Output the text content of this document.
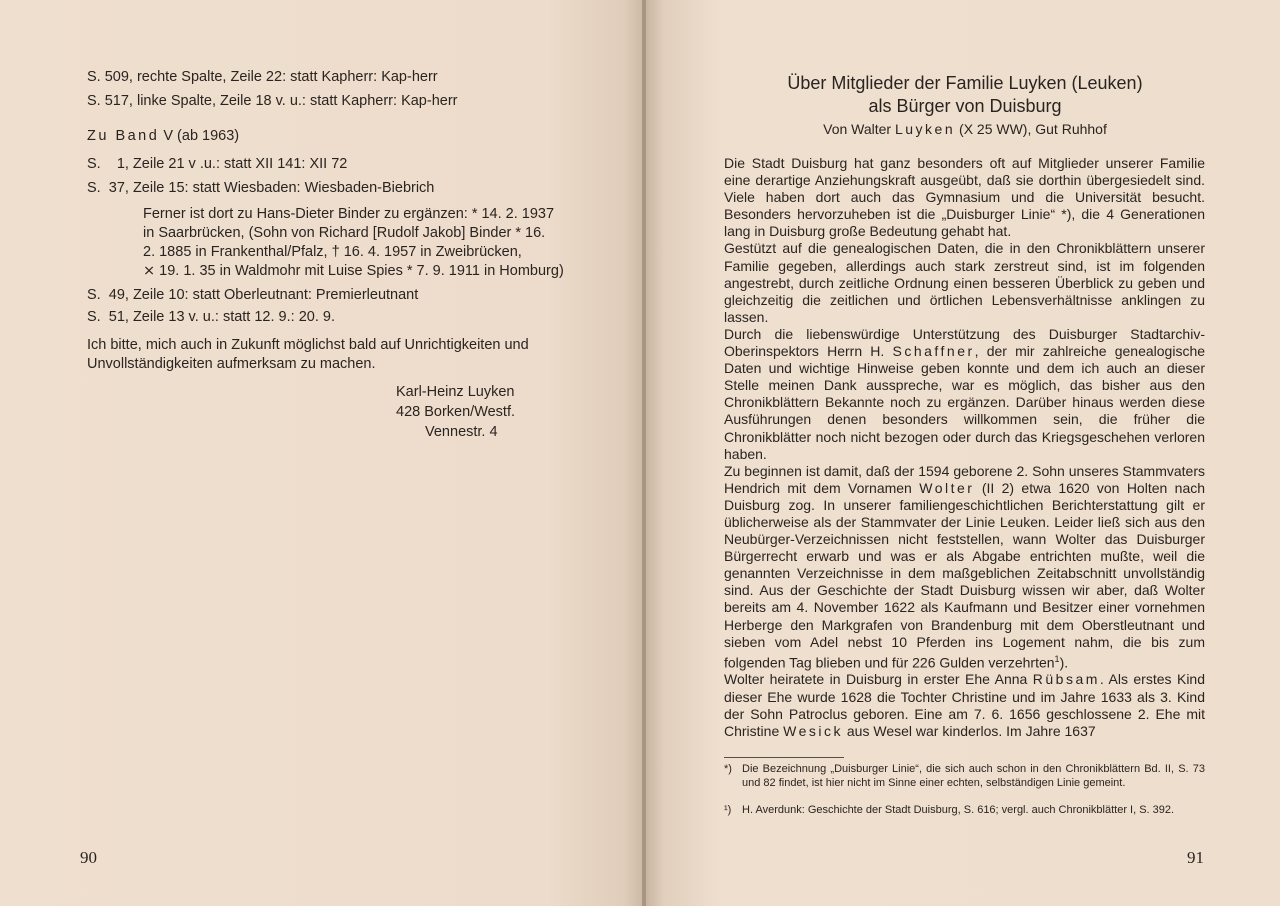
S. 509, rechte Spalte, Zeile 22: statt Kapherr: Kap-herr
S. 517, linke Spalte, Zeile 18 v. u.: statt Kapherr: Kap-herr
Zu Band V (ab 1963)
S.    1, Zeile 21 v .u.: statt XII 141: XII 72
S.  37, Zeile 15: statt Wiesbaden: Wiesbaden-Biebrich
Ferner ist dort zu Hans-Dieter Binder zu ergänzen: * 14. 2. 1937
in Saarbrücken, (Sohn von Richard [Rudolf Jakob] Binder * 16.
2. 1885 in Frankenthal/Pfalz, † 16. 4. 1957 in Zweibrücken,
⨯ 19. 1. 35 in Waldmohr mit Luise Spies * 7. 9. 1911 in Homburg)
S.  49, Zeile 10: statt Oberleutnant: Premierleutnant
S.  51, Zeile 13 v. u.: statt 12. 9.: 20. 9.
Ich bitte, mich auch in Zukunft möglichst bald auf Unrichtigkeiten und
Unvollständigkeiten aufmerksam zu machen.
Karl-Heinz Luyken
428 Borken/Westf.
Vennestr. 4
90
Über Mitglieder der Familie Luyken (Leuken)
als Bürger von Duisburg
Von Walter Luyken (X 25 WW), Gut Ruhhof

Die Stadt Duisburg hat ganz besonders oft auf Mitglieder unserer Familie eine derartige Anziehungskraft ausgeübt, daß sie dorthin übergesiedelt sind. Viele haben dort auch das Gymnasium und die Universität besucht. Besonders hervorzuheben ist die „Duisburger Linie“ *), die 4 Generationen lang in Duisburg große Bedeutung gehabt hat.

Gestützt auf die genealogischen Daten, die in den Chronikblättern unserer Familie gegeben, allerdings auch stark zerstreut sind, ist im folgenden angestrebt, durch zeitliche Ordnung einen besseren Überblick zu geben und gleichzeitig die zeitlichen und örtlichen Lebensverhältnisse anklingen zu lassen.

Durch die liebenswürdige Unterstützung des Duisburger Stadtarchiv-Oberinspektors Herrn H. Schaffner, der mir zahlreiche genealogische Daten und wichtige Hinweise geben konnte und dem ich auch an dieser Stelle meinen Dank ausspreche, war es möglich, das bisher aus den Chronikblättern Bekannte noch zu ergänzen. Darüber hinaus werden diese Ausführungen denen besonders willkommen sein, die früher die Chronikblätter noch nicht bezogen oder durch das Kriegsgeschehen verloren haben.

Zu beginnen ist damit, daß der 1594 geborene 2. Sohn unseres Stammvaters Hendrich mit dem Vornamen Wolter (II 2) etwa 1620 von Holten nach Duisburg zog. In unserer familiengeschichtlichen Berichterstattung gilt er üblicherweise als der Stammvater der Linie Leuken. Leider ließ sich aus den Neubürger-Verzeichnissen nicht feststellen, wann Wolter das Duisburger Bürgerrecht erwarb und was er als Abgabe entrichten mußte, weil die genannten Verzeichnisse in dem maßgeblichen Zeitabschnitt unvollständig sind. Aus der Geschichte der Stadt Duisburg wissen wir aber, daß Wolter bereits am 4. November 1622 als Kaufmann und Besitzer einer vornehmen Herberge den Markgrafen von Brandenburg mit dem Oberstleutnant und sieben vom Adel nebst 10 Pferden ins Logement nahm, die bis zum folgenden Tag blieben und für 226 Gulden verzehrten$^1$).

Wolter heiratete in Duisburg in erster Ehe Anna Rübsam. Als erstes Kind dieser Ehe wurde 1628 die Tochter Christine und im Jahre 1633 als 3. Kind der Sohn Patroclus geboren. Eine am 7. 6. 1656 geschlossene 2. Ehe mit Christine Wesick aus Wesel war kinderlos. Im Jahre 1637

*) Die Bezeichnung „Duisburger Linie“, die sich auch schon in den Chronikblättern Bd. II, S. 73 und 82 findet, ist hier nicht im Sinne einer echten, selbständigen Linie gemeint.
¹) H. Averdunk: Geschichte der Stadt Duisburg, S. 616; vergl. auch Chronikblätter I, S. 392.
91
